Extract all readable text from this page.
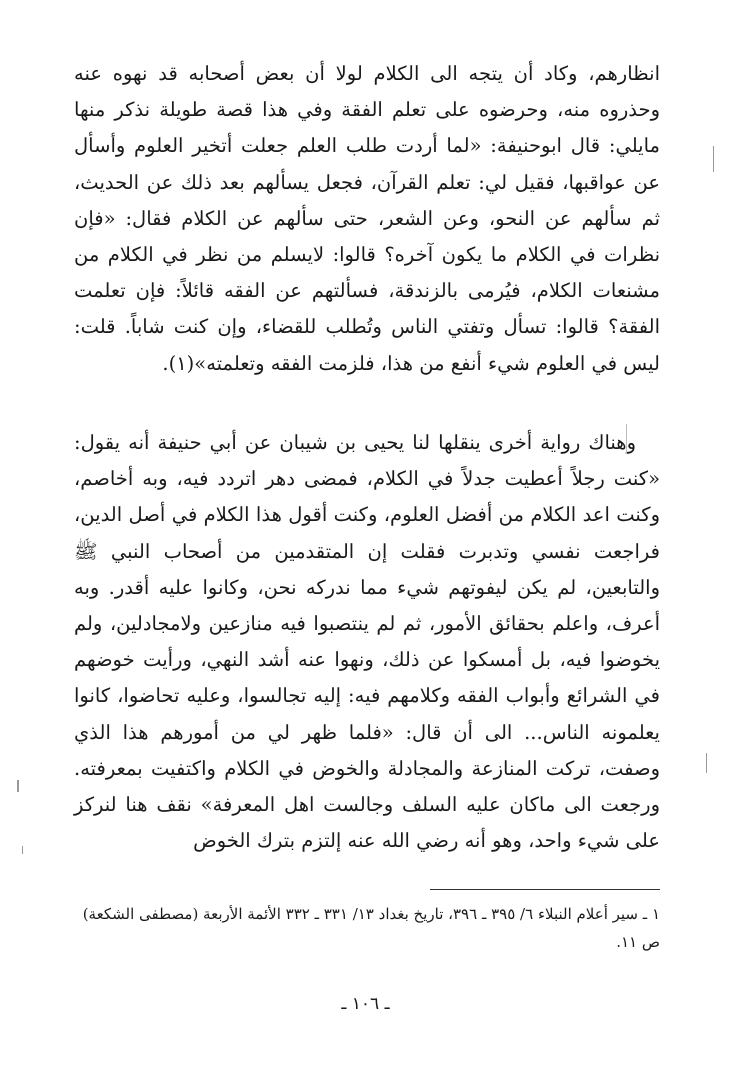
انظارهم، وكاد أن يتجه الى الكلام لولا أن بعض أصحابه قد نهوه عنه وحذروه منه، وحرضوه على تعلم الفقة وفي هذا قصة طويلة نذكر منها مايلي: قال ابوحنيفة: «لما أردت طلب العلم جعلت أتخير العلوم وأسأل عن عواقبها، فقيل لي: تعلم القرآن، فجعل يسألهم بعد ذلك عن الحديث، ثم سألهم عن النحو، وعن الشعر، حتى سألهم عن الكلام فقال: «فإن نظرات في الكلام ما يكون آخره؟ قالوا: لايسلم من نظر في الكلام من مشنعات الكلام، فيُرمى بالزندقة، فسألتهم عن الفقه قائلاً: فإن تعلمت الفقة؟ قالوا: تسأل وتفتي الناس وتُطلب للقضاء، وإن كنت شاباً. قلت: ليس في العلوم شيء أنفع من هذا، فلزمت الفقه وتعلمته»(١).

وهناك رواية أخرى ينقلها لنا يحيى بن شيبان عن أبي حنيفة أنه يقول: «كنت رجلاً أعطيت جدلاً في الكلام، فمضى دهر اتردد فيه، وبه أخاصم، وكنت اعد الكلام من أفضل العلوم، وكنت أقول هذا الكلام في أصل الدين، فراجعت نفسي وتدبرت فقلت إن المتقدمين من أصحاب النبي ﷺ والتابعين، لم يكن ليفوتهم شيء مما ندركه نحن، وكانوا عليه أقدر. وبه أعرف، واعلم بحقائق الأمور، ثم لم ينتصبوا فيه منازعين ولامجادلين، ولم يخوضوا فيه، بل أمسكوا عن ذلك، ونهوا عنه أشد النهي، ورأيت خوضهم في الشرائع وأبواب الفقه وكلامهم فيه: إليه تجالسوا، وعليه تحاضوا، كانوا يعلمونه الناس... الى أن قال: «فلما ظهر لي من أمورهم هذا الذي وصفت، تركت المنازعة والمجادلة والخوض في الكلام واكتفيت بمعرفته. ورجعت الى ماكان عليه السلف وجالست اهل المعرفة» نقف هنا لنركز على شيء واحد، وهو أنه رضي الله عنه إلتزم بترك الخوض

١ ـ سير أعلام النبلاء ٦/ ٣٩٥ ـ ٣٩٦، تاريخ بغداد ١٣/ ٣٣١ ـ ٣٣٢ الأئمة الأربعة (مصطفى الشكعة) ص ١١.

ـ ١٠٦ ـ
